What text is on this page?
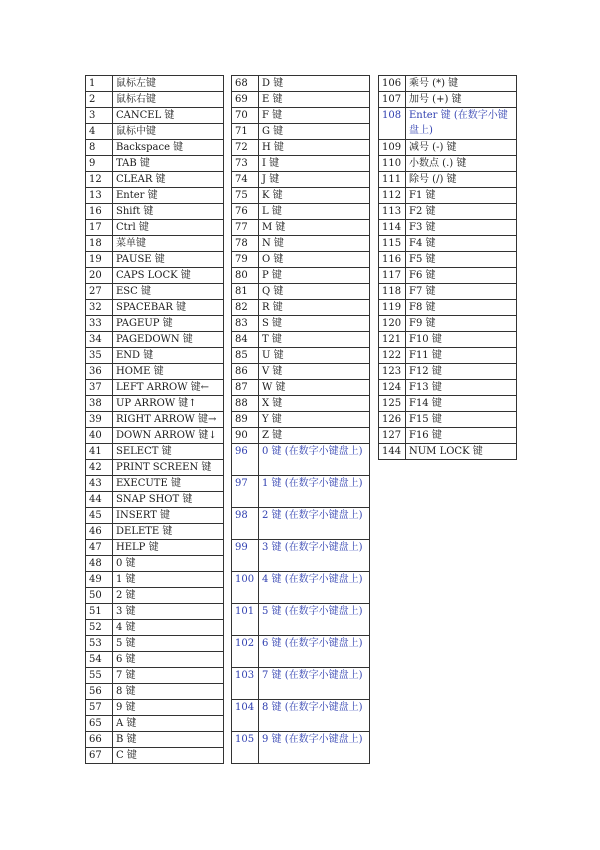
1	鼠标左键
2	鼠标右键
3	CANCEL 键
4	鼠标中键
8	Backspace 键
9	TAB 键
12	CLEAR 键
13	Enter 键
16	Shift 键
17	Ctrl 键
18	菜单键
19	PAUSE 键
20	CAPS LOCK 键
27	ESC 键
32	SPACEBAR 键
33	PAGEUP 键
34	PAGEDOWN 键
35	END 键
36	HOME 键
37	LEFT ARROW 键←
38	UP ARROW 键↑
39	RIGHT ARROW 键→
40	DOWN ARROW 键↓
41	SELECT 键
42	PRINT SCREEN 键
43	EXECUTE 键
44	SNAP SHOT 键
45	INSERT 键
46	DELETE 键
47	HELP 键
48	0 键
49	1 键
50	2 键
51	3 键
52	4 键
53	5 键
54	6 键
55	7 键
56	8 键
57	9 键
65	A 键
66	B 键
67	C 键
68	D 键
69	E 键
70	F 键
71	G 键
72	H 键
73	I 键
74	J 键
75	K 键
76	L 键
77	M 键
78	N 键
79	O 键
80	P 键
81	Q 键
82	R 键
83	S 键
84	T 键
85	U 键
86	V 键
87	W 键
88	X 键
89	Y 键
90	Z 键
96	0 键 (在数字小键盘上)
97	1 键 (在数字小键盘上)
98	2 键 (在数字小键盘上)
99	3 键 (在数字小键盘上)
100	4 键 (在数字小键盘上)
101	5 键 (在数字小键盘上)
102	6 键 (在数字小键盘上)
103	7 键 (在数字小键盘上)
104	8 键 (在数字小键盘上)
105	9 键 (在数字小键盘上)
106	乘号 (*) 键
107	加号 (+) 键
108	Enter 键 (在数字小键盘上)
109	减号 (-) 键
110	小数点 (.) 键
111	除号 (/) 键
112	F1 键
113	F2 键
114	F3 键
115	F4 键
116	F5 键
117	F6 键
118	F7 键
119	F8 键
120	F9 键
121	F10 键
122	F11 键
123	F12 键
124	F13 键
125	F14 键
126	F15 键
127	F16 键
144	NUM LOCK 键
